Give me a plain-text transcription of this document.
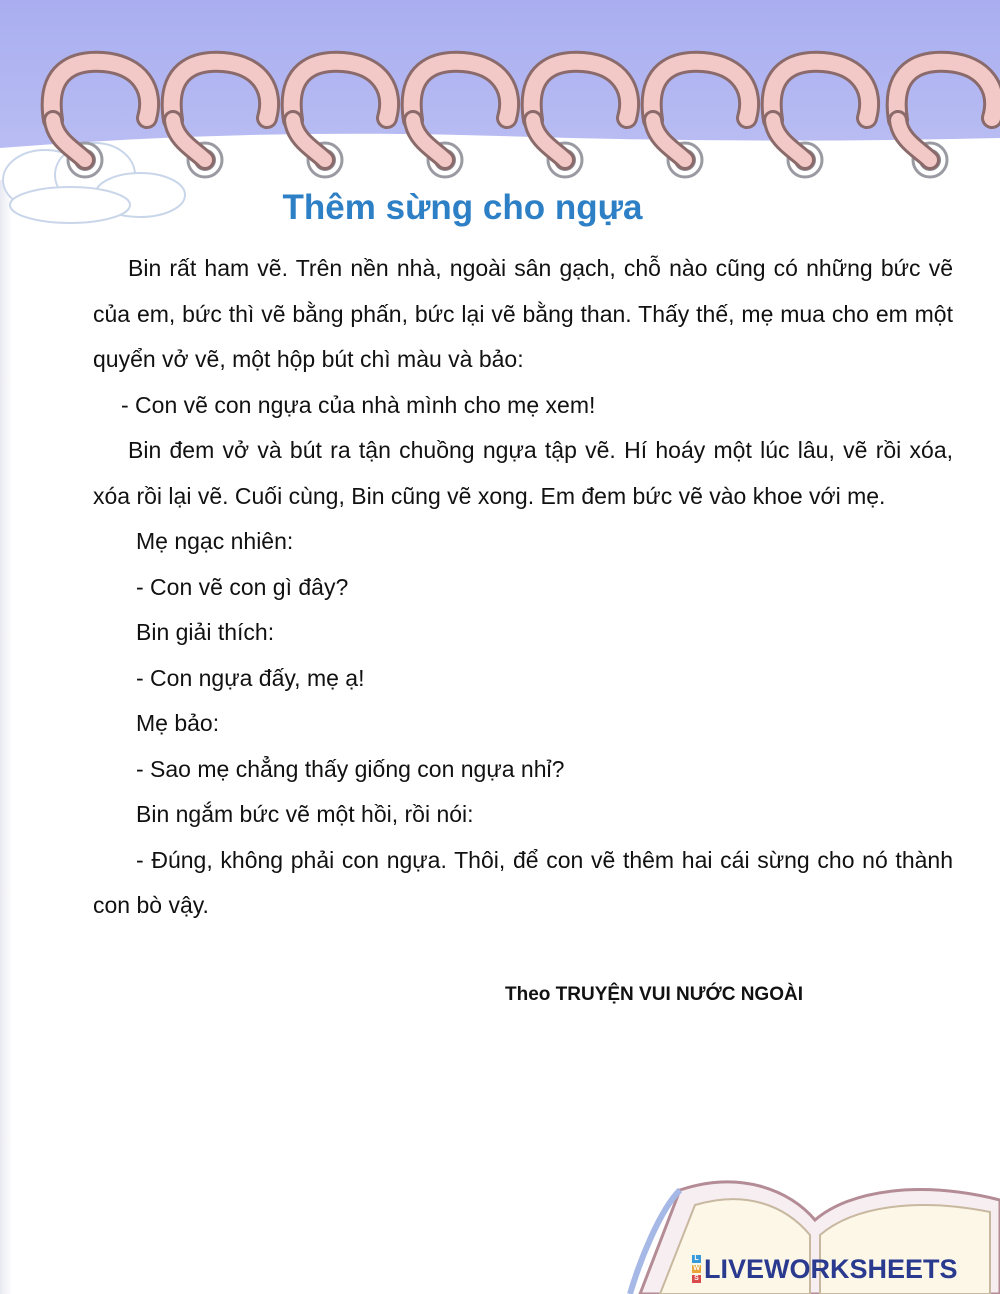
Thêm sừng cho ngựa

Bin rất ham vẽ. Trên nền nhà, ngoài sân gạch, chỗ nào cũng có những bức vẽ của em, bức thì vẽ bằng phấn, bức lại vẽ bằng than. Thấy thế, mẹ mua cho em một quyển vở vẽ, một hộp bút chì màu và bảo:

- Con vẽ con ngựa của nhà mình cho mẹ xem!

Bin đem vở và bút ra tận chuồng ngựa tập vẽ. Hí hoáy một lúc lâu, vẽ rồi xóa, xóa rồi lại vẽ. Cuối cùng, Bin cũng vẽ xong. Em đem bức vẽ vào khoe với mẹ.

Mẹ ngạc nhiên:

- Con vẽ con gì đây?

Bin giải thích:

- Con ngựa đấy, mẹ ạ!

Mẹ bảo:

- Sao mẹ chẳng thấy giống con ngựa nhỉ?

Bin ngắm bức vẽ một hồi, rồi nói:

- Đúng, không phải con ngựa. Thôi, để con vẽ thêm hai cái sừng cho nó thành con bò vậy.

Theo TRUYỆN VUI NƯỚC NGOÀI
L
W
S LIVEWORKSHEETS
